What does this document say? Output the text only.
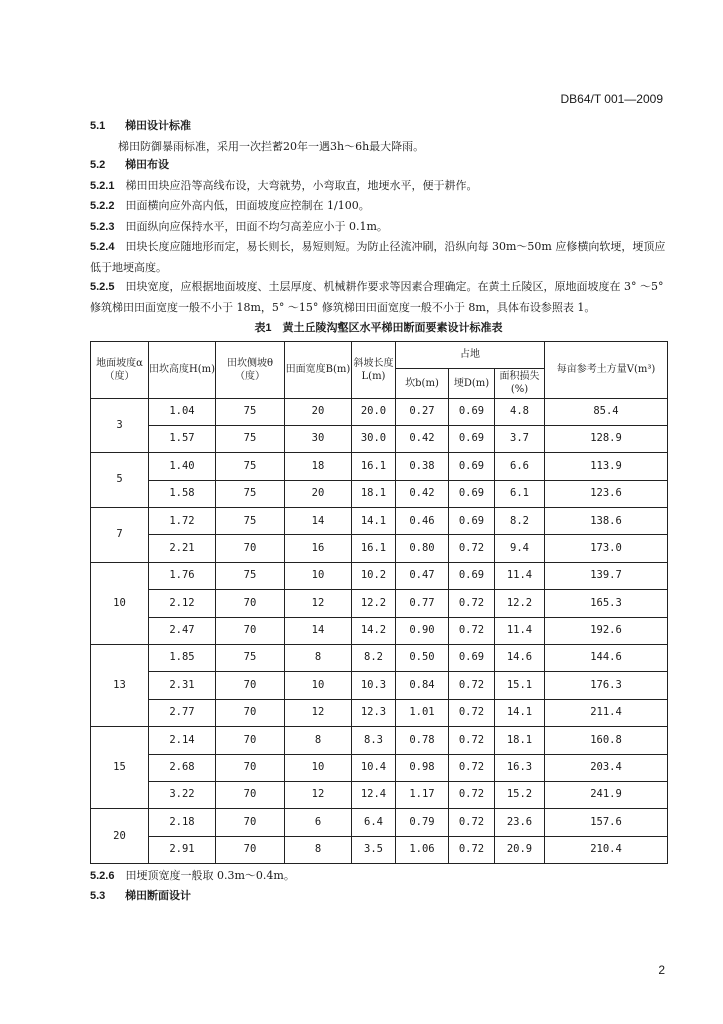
DB64/T 001—2009

5.1 梯田设计标准

梯田防御暴雨标准，采用一次拦蓄20年一遇3h～6h最大降雨。

5.2 梯田布设

5.2.1 梯田田块应沿等高线布设，大弯就势，小弯取直，地埂水平，便于耕作。

5.2.2 田面横向应外高内低，田面坡度应控制在 1/100。

5.2.3 田面纵向应保持水平，田面不均匀高差应小于 0.1m。

5.2.4 田块长度应随地形而定，易长则长，易短则短。为防止径流冲刷，沿纵向每 30m～50m 应修横向软埂，埂顶应低于地埂高度。

5.2.5 田块宽度，应根据地面坡度、土层厚度、机械耕作要求等因素合理确定。在黄土丘陵区，原地面坡度在 3° ～5° 修筑梯田田面宽度一般不小于 18m，5° ～15° 修筑梯田田面宽度一般不小于 8m，具体布设参照表 1。

表1　黄土丘陵沟壑区水平梯田断面要素设计标准表
地面坡度α（度）	田坎高度H(m)	田坎侧坡θ（度）	田面宽度B(m)	斜坡长度L(m)	占地			每亩参考土方量V(m³)
					坎b(m)	埂D(m)	面积损失(%)	
3	1.04	75	20	20.0	0.27	0.69	4.8	85.4
	1.57	75	30	30.0	0.42	0.69	3.7	128.9
5	1.40	75	18	16.1	0.38	0.69	6.6	113.9
	1.58	75	20	18.1	0.42	0.69	6.1	123.6
7	1.72	75	14	14.1	0.46	0.69	8.2	138.6
	2.21	70	16	16.1	0.80	0.72	9.4	173.0
10	1.76	75	10	10.2	0.47	0.69	11.4	139.7
	2.12	70	12	12.2	0.77	0.72	12.2	165.3
	2.47	70	14	14.2	0.90	0.72	11.4	192.6
13	1.85	75	8	8.2	0.50	0.69	14.6	144.6
	2.31	70	10	10.3	0.84	0.72	15.1	176.3
	2.77	70	12	12.3	1.01	0.72	14.1	211.4
15	2.14	70	8	8.3	0.78	0.72	18.1	160.8
	2.68	70	10	10.4	0.98	0.72	16.3	203.4
	3.22	70	12	12.4	1.17	0.72	15.2	241.9
20	2.18	70	6	6.4	0.79	0.72	23.6	157.6
	2.91	70	8	3.5	1.06	0.72	20.9	210.4

5.2.6 田埂顶宽度一般取 0.3m～0.4m。

5.3 梯田断面设计

2
